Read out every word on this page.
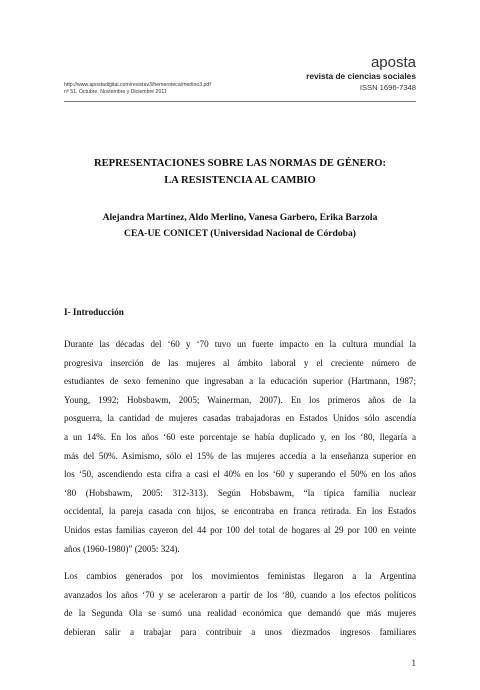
http://www.apostadigital.com/revistav3/hemeroteca/merlino3.pdf
nº 51, Octubre, Noviembre y Diciembre 2011
aposta
revista de ciencias sociales
ISSN 1696-7348
REPRESENTACIONES SOBRE LAS NORMAS DE GÉNERO:
LA RESISTENCIA AL CAMBIO
Alejandra Martínez, Aldo Merlino, Vanesa Garbero, Erika Barzola
CEA-UE CONICET (Universidad Nacional de Córdoba)
I- Introducción
Durante las décadas del ‘60 y ‘70 tuvo un fuerte impacto en la cultura mundial la
progresiva inserción de las mujeres al ámbito laboral y el creciente número de
estudiantes de sexo femenino que ingresaban a la educación superior (Hartmann, 1987;
Young, 1992; Hobsbawm, 2005; Wainerman, 2007). En los primeros años de la
posguerra, la cantidad de mujeres casadas trabajadoras en Estados Unidos sólo ascendía
a un 14%. En los años ‘60 este porcentaje se había duplicado y, en los ‘80, llegaría a
más del 50%. Asimismo, sólo el 15% de las mujeres accedía a la enseñanza superior en
los ‘50, ascendiendo esta cifra a casi el 40% en los ‘60 y superando el 50% en los años
‘80 (Hobsbawm, 2005: 312-313). Según Hobsbawm, “la típica familia nuclear
occidental, la pareja casada con hijos, se encontraba en franca retirada. En los Estados
Unidos estas familias cayeron del 44 por 100 del total de hogares al 29 por 100 en veinte
años (1960-1980)” (2005: 324).
Los cambios generados por los movimientos feministas llegaron a la Argentina
avanzados los años ‘70 y se aceleraron a partir de los ‘80, cuando a los efectos políticos
de la Segunda Ola se sumó una realidad económica que demandó que más mujeres
debieran salir a trabajar para contribuir a unos diezmados ingresos familiares
1
